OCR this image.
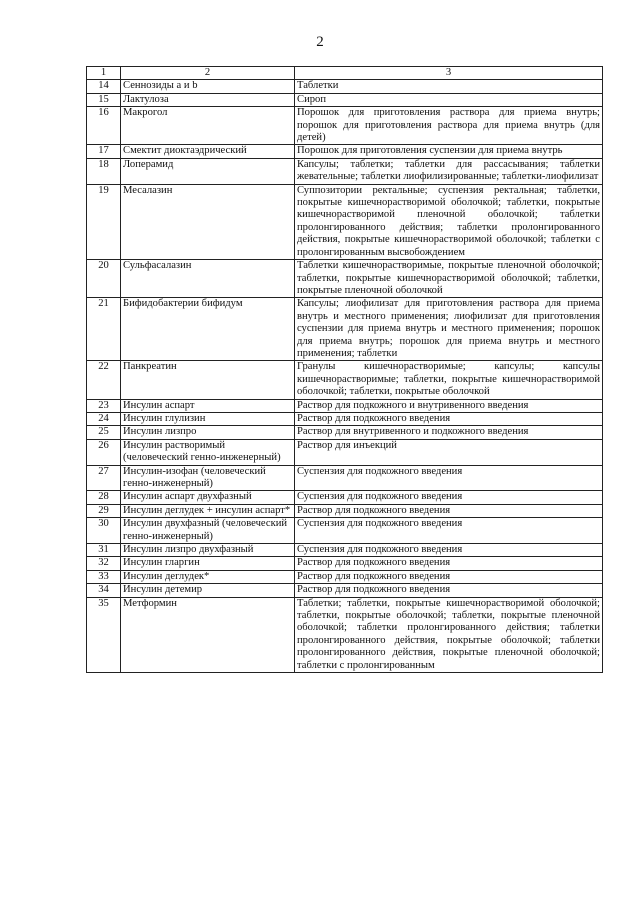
2
1	2	3
14	Сеннозиды а и b	Таблетки
15	Лактулоза	Сироп
16	Макрогол	Порошок для приготовления раствора для приема внутрь; порошок для приготовления раствора для приема внутрь (для детей)
17	Смектит диоктаэдрический	Порошок для приготовления суспензии для приема внутрь
18	Лоперамид	Капсулы; таблетки; таблетки для рассасывания; таблетки жевательные; таблетки лиофилизированные; таблетки-лиофилизат
19	Месалазин	Суппозитории ректальные; суспензия ректальная; таблетки, покрытые кишечнорастворимой оболочкой; таблетки, покрытые кишечнорастворимой пленочной оболочкой; таблетки пролонгированного действия; таблетки пролонгированного действия, покрытые кишечнорастворимой оболочкой; таблетки с пролонгированным высвобождением
20	Сульфасалазин	Таблетки кишечнорастворимые, покрытые пленочной оболочкой; таблетки, покрытые кишечнорастворимой оболочкой; таблетки, покрытые пленочной оболочкой
21	Бифидобактерии бифидум	Капсулы; лиофилизат для приготовления раствора для приема внутрь и местного применения; лиофилизат для приготовления суспензии для приема внутрь и местного применения; порошок для приема внутрь; порошок для приема внутрь и местного применения; таблетки
22	Панкреатин	Гранулы кишечнорастворимые; капсулы; капсулы кишечнорастворимые; таблетки, покрытые кишечнорастворимой оболочкой; таблетки, покрытые оболочкой
23	Инсулин аспарт	Раствор для подкожного и внутривенного введения
24	Инсулин глулизин	Раствор для подкожного введения
25	Инсулин лизпро	Раствор для внутривенного и подкожного введения
26	Инсулин растворимый (человеческий генно-инженерный)	Раствор для инъекций
27	Инсулин-изофан (человеческий генно-инженерный)	Суспензия для подкожного введения
28	Инсулин аспарт двухфазный	Суспензия для подкожного введения
29	Инсулин деглудек + инсулин аспарт*	Раствор для подкожного введения
30	Инсулин двухфазный (человеческий генно-инженерный)	Суспензия для подкожного введения
31	Инсулин лизпро двухфазный	Суспензия для подкожного введения
32	Инсулин гларгин	Раствор для подкожного введения
33	Инсулин деглудек*	Раствор для подкожного введения
34	Инсулин детемир	Раствор для подкожного введения
35	Метформин	Таблетки; таблетки, покрытые кишечнорастворимой оболочкой; таблетки, покрытые оболочкой; таблетки, покрытые пленочной оболочкой; таблетки пролонгированного действия; таблетки пролонгированного действия, покрытые оболочкой; таблетки пролонгированного действия, покрытые пленочной оболочкой; таблетки с пролонгированным
